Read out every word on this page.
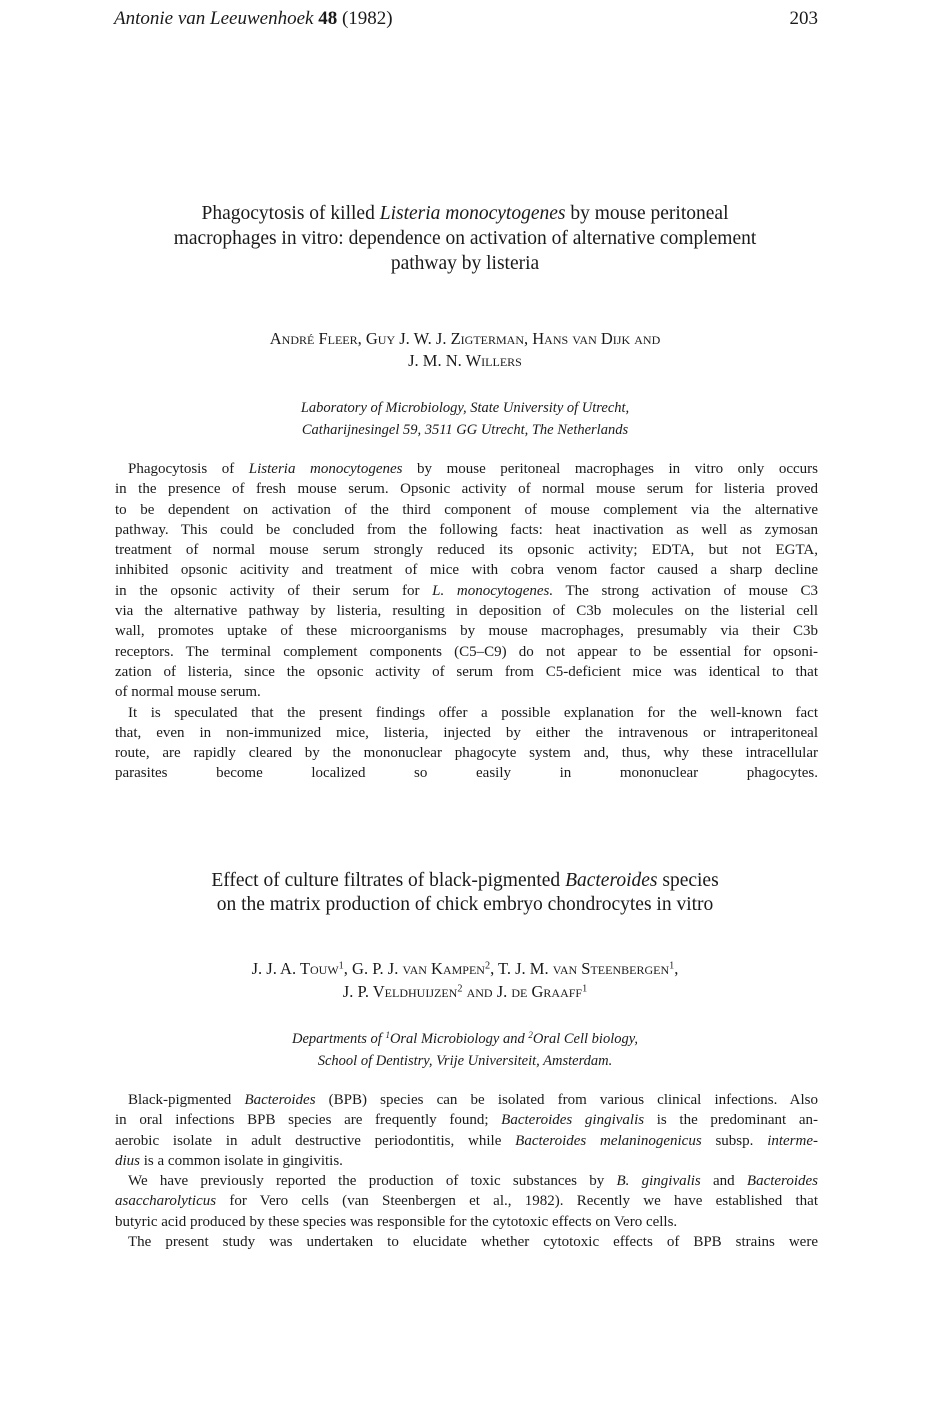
Antonie van Leeuwenhoek 48 (1982)	203
Phagocytosis of killed Listeria monocytogenes by mouse peritoneal
macrophages in vitro: dependence on activation of alternative complement
pathway by listeria
André Fleer, Guy J. W. J. Zigterman, Hans van Dijk and
J. M. N. Willers
Laboratory of Microbiology, State University of Utrecht,
Catharijnesingel 59, 3511 GG Utrecht, The Netherlands
Phagocytosis of Listeria monocytogenes by mouse peritoneal macrophages in vitro only occurs
in the presence of fresh mouse serum. Opsonic activity of normal mouse serum for listeria proved
to be dependent on activation of the third component of mouse complement via the alternative
pathway. This could be concluded from the following facts: heat inactivation as well as zymosan
treatment of normal mouse serum strongly reduced its opsonic activity; EDTA, but not EGTA,
inhibited opsonic acitivity and treatment of mice with cobra venom factor caused a sharp decline
in the opsonic activity of their serum for L. monocytogenes. The strong activation of mouse C3
via the alternative pathway by listeria, resulting in deposition of C3b molecules on the listerial cell
wall, promotes uptake of these microorganisms by mouse macrophages, presumably via their C3b
receptors. The terminal complement components (C5–C9) do not appear to be essential for opsoni-
zation of listeria, since the opsonic activity of serum from C5-deficient mice was identical to that
of normal mouse serum.
It is speculated that the present findings offer a possible explanation for the well-known fact
that, even in non-immunized mice, listeria, injected by either the intravenous or intraperitoneal
route, are rapidly cleared by the mononuclear phagocyte system and, thus, why these intracellular
parasites become localized so easily in mononuclear phagocytes.
Effect of culture filtrates of black-pigmented Bacteroides species
on the matrix production of chick embryo chondrocytes in vitro
J. J. A. Touw$^1$, G. P. J. van Kampen$^2$, T. J. M. van Steenbergen$^1$,
J. P. Veldhuijzen$^2$ and J. de Graaff$^1$
Departments of $^1$Oral Microbiology and $^2$Oral Cell biology,
School of Dentistry, Vrije Universiteit, Amsterdam.
Black-pigmented Bacteroides (BPB) species can be isolated from various clinical infections. Also
in oral infections BPB species are frequently found; Bacteroides gingivalis is the predominant an-
aerobic isolate in adult destructive periodontitis, while Bacteroides melaninogenicus subsp. interme-
dius is a common isolate in gingivitis.
We have previously reported the production of toxic substances by B. gingivalis and Bacteroides
asaccharolyticus for Vero cells (van Steenbergen et al., 1982). Recently we have established that
butyric acid produced by these species was responsible for the cytotoxic effects on Vero cells.
The present study was undertaken to elucidate whether cytotoxic effects of BPB strains were
